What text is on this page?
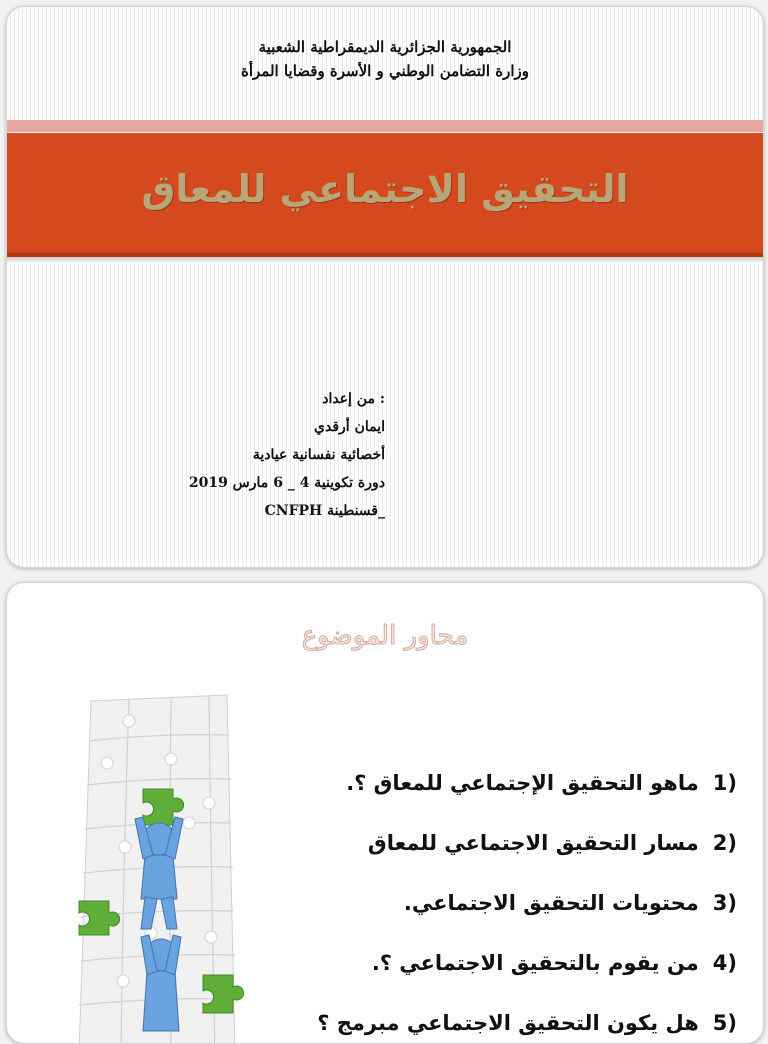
الجمهورية الجزائرية الديمقراطية الشعبية
وزارة التضامن الوطني و الأسرة وقضايا المرأة
التحقيق الاجتماعي للمعاق
: من إعداد
ايمان أرقدي
أخصائية نفسانية عيادية
دورة تكوينية 4 _ 6 مارس 2019
_قسنطينة CNFPH
محاور الموضوع
(1ماهو التحقيق الإجتماعي للمعاق ؟.
(2مسار التحقيق الاجتماعي للمعاق
(3محتويات التحقيق الاجتماعي.
(4من يقوم بالتحقيق الاجتماعي ؟.
(5هل يكون التحقيق الاجتماعي مبرمج ؟
